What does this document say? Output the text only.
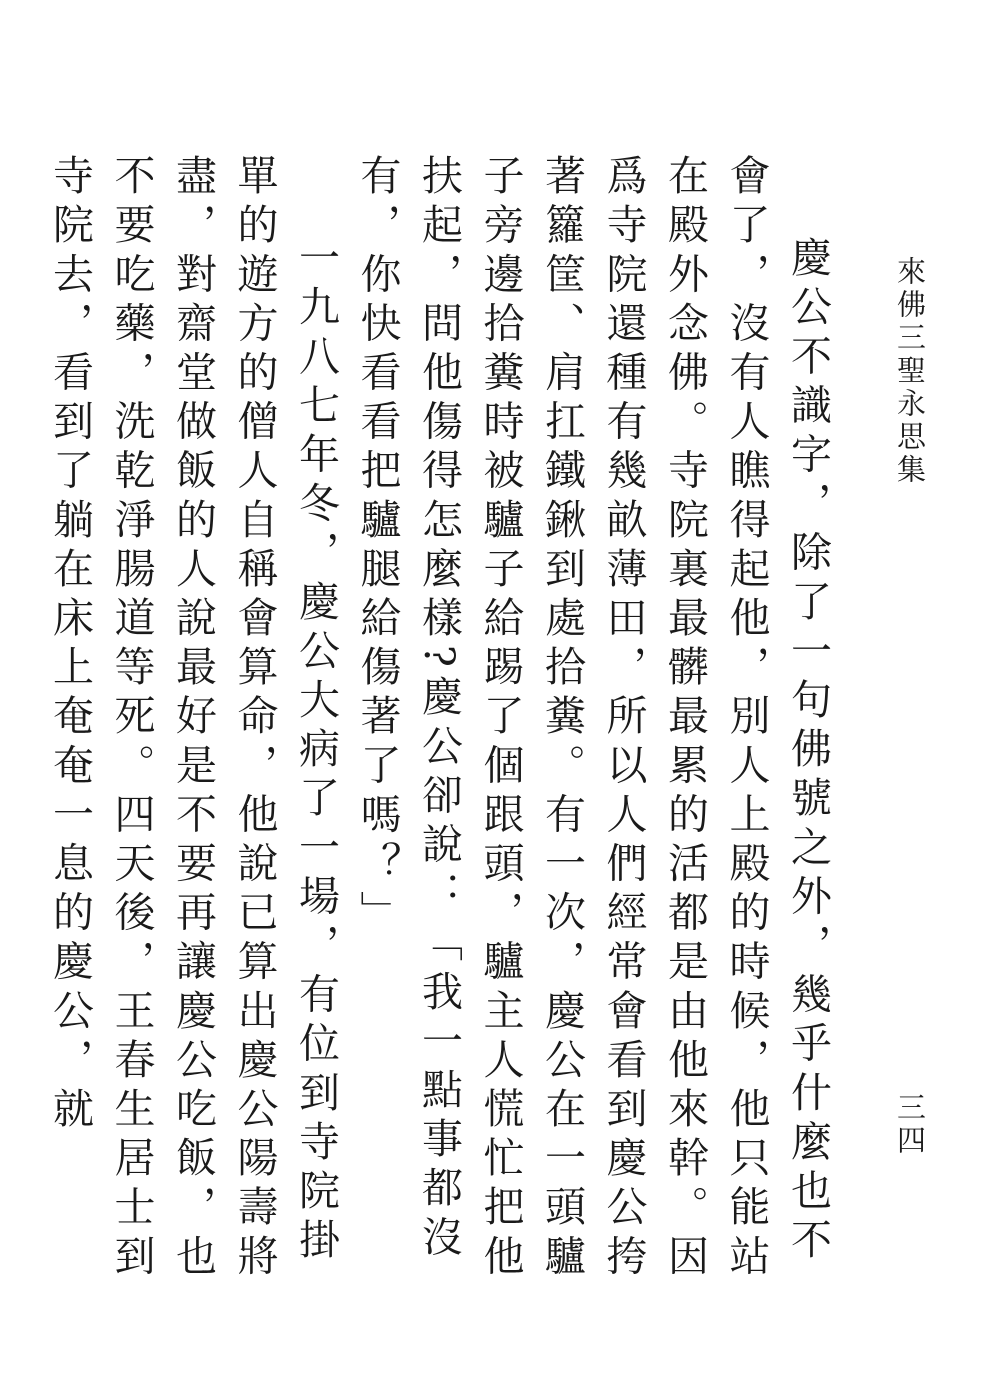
來佛三聖永思集
三四

慶公不識字，除了一句佛號之外，幾乎什麼也不會了，沒有人瞧得起他，別人上殿的時候，他只能站在殿外念佛。寺院裏最髒最累的活都是由他來幹。因爲寺院還種有幾畝薄田，所以人們經常會看到慶公挎著籮筐、肩扛鐵鍬到處拾糞。有一次，慶公在一頭驢子旁邊拾糞時被驢子給踢了個跟頭，驢主人慌忙把他扶起，問他傷得怎麼樣?慶公卻說：「我一點事都沒有，你快看看把驢腿給傷著了嗎？」

一九八七年冬，慶公大病了一場，有位到寺院掛單的遊方的僧人自稱會算命，他說已算出慶公陽壽將盡，對齋堂做飯的人說最好是不要再讓慶公吃飯，也不要吃藥，洗乾淨腸道等死。四天後，王春生居士到寺院去，看到了躺在床上奄奄一息的慶公，就
